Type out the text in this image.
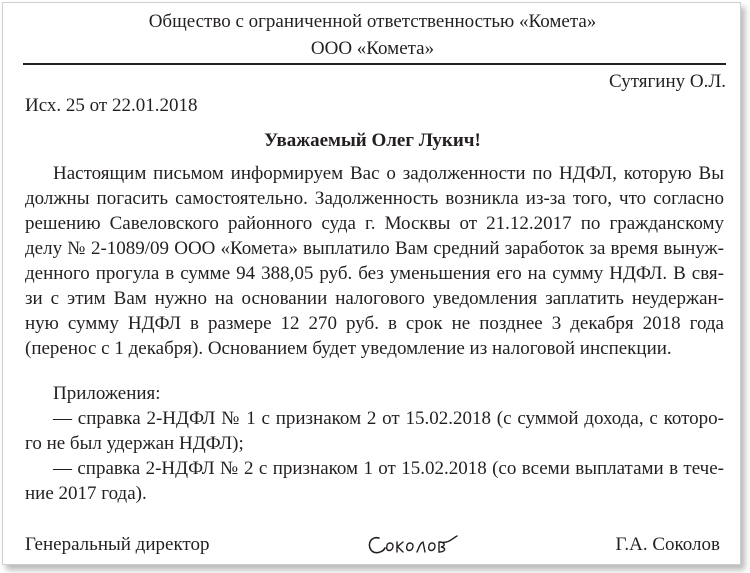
Общество с ограниченной ответственностью «Комета»
ООО «Комета»
Сутягину О.Л.
Исх. 25 от 22.01.2018
Уважаемый Олег Лукич!
Настоящим письмом информируем Вас о задолженности по НДФЛ, которую Вы
должны погасить самостоятельно. Задолженность возникла из-за того, что согласно
решению Савеловского районного суда г. Москвы от 21.12.2017 по гражданскому
делу № 2-1089/09 ООО «Комета» выплатило Вам средний заработок за время вынуж-
денного прогула в сумме 94 388,05 руб. без уменьшения его на сумму НДФЛ. В свя-
зи с этим Вам нужно на основании налогового уведомления заплатить неудержан-
ную сумму НДФЛ в размере 12 270 руб. в срок не позднее 3 декабря 2018 года
(перенос с 1 декабря). Основанием будет уведомление из налоговой инспекции.
Приложения:
— справка 2-НДФЛ № 1 с признаком 2 от 15.02.2018 (с суммой дохода, с которо-
го не был удержан НДФЛ);
— справка 2-НДФЛ № 2 с признаком 1 от 15.02.2018 (со всеми выплатами в тече-
ние 2017 года).
Генеральный директор
Соколов
Г.А. Соколов
